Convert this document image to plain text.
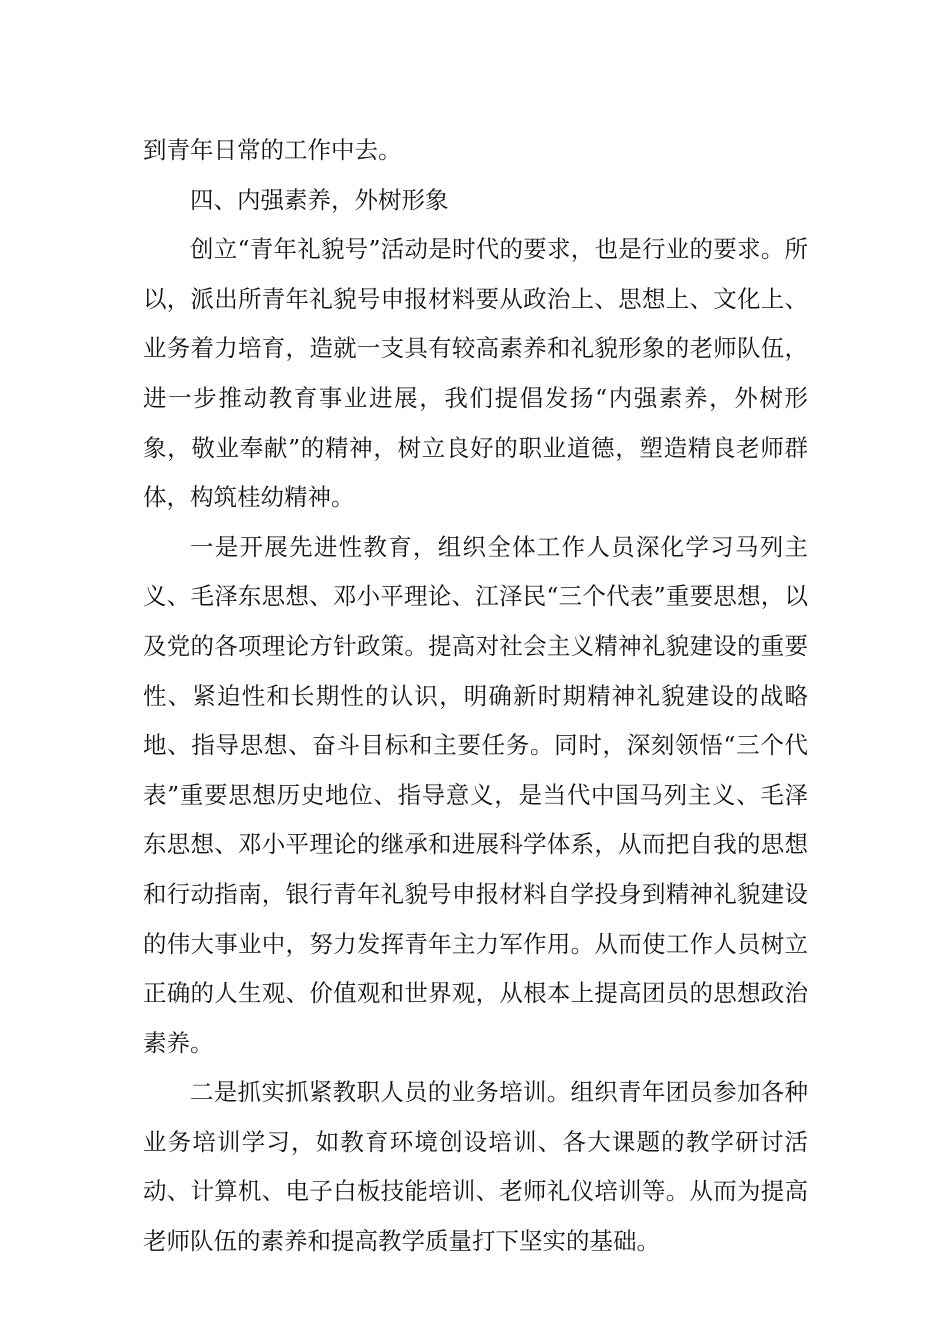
到青年日常的工作中去。

四、内强素养，外树形象

创立“青年礼貌号”活动是时代的要求，也是行业的要求。所以，派出所青年礼貌号申报材料要从政治上、思想上、文化上、业务着力培育，造就一支具有较高素养和礼貌形象的老师队伍，进一步推动教育事业进展，我们提倡发扬“内强素养，外树形象，敬业奉献”的精神，树立良好的职业道德，塑造精良老师群体，构筑桂幼精神。

一是开展先进性教育，组织全体工作人员深化学习马列主义、毛泽东思想、邓小平理论、江泽民“三个代表”重要思想，以及党的各项理论方针政策。提高对社会主义精神礼貌建设的重要性、紧迫性和长期性的认识，明确新时期精神礼貌建设的战略地、指导思想、奋斗目标和主要任务。同时，深刻领悟“三个代表”重要思想历史地位、指导意义，是当代中国马列主义、毛泽东思想、邓小平理论的继承和进展科学体系，从而把自我的思想和行动指南，银行青年礼貌号申报材料自学投身到精神礼貌建设的伟大事业中，努力发挥青年主力军作用。从而使工作人员树立正确的人生观、价值观和世界观，从根本上提高团员的思想政治素养。

二是抓实抓紧教职人员的业务培训。组织青年团员参加各种业务培训学习，如教育环境创设培训、各大课题的教学研讨活动、计算机、电子白板技能培训、老师礼仪培训等。从而为提高老师队伍的素养和提高教学质量打下坚实的基础。
